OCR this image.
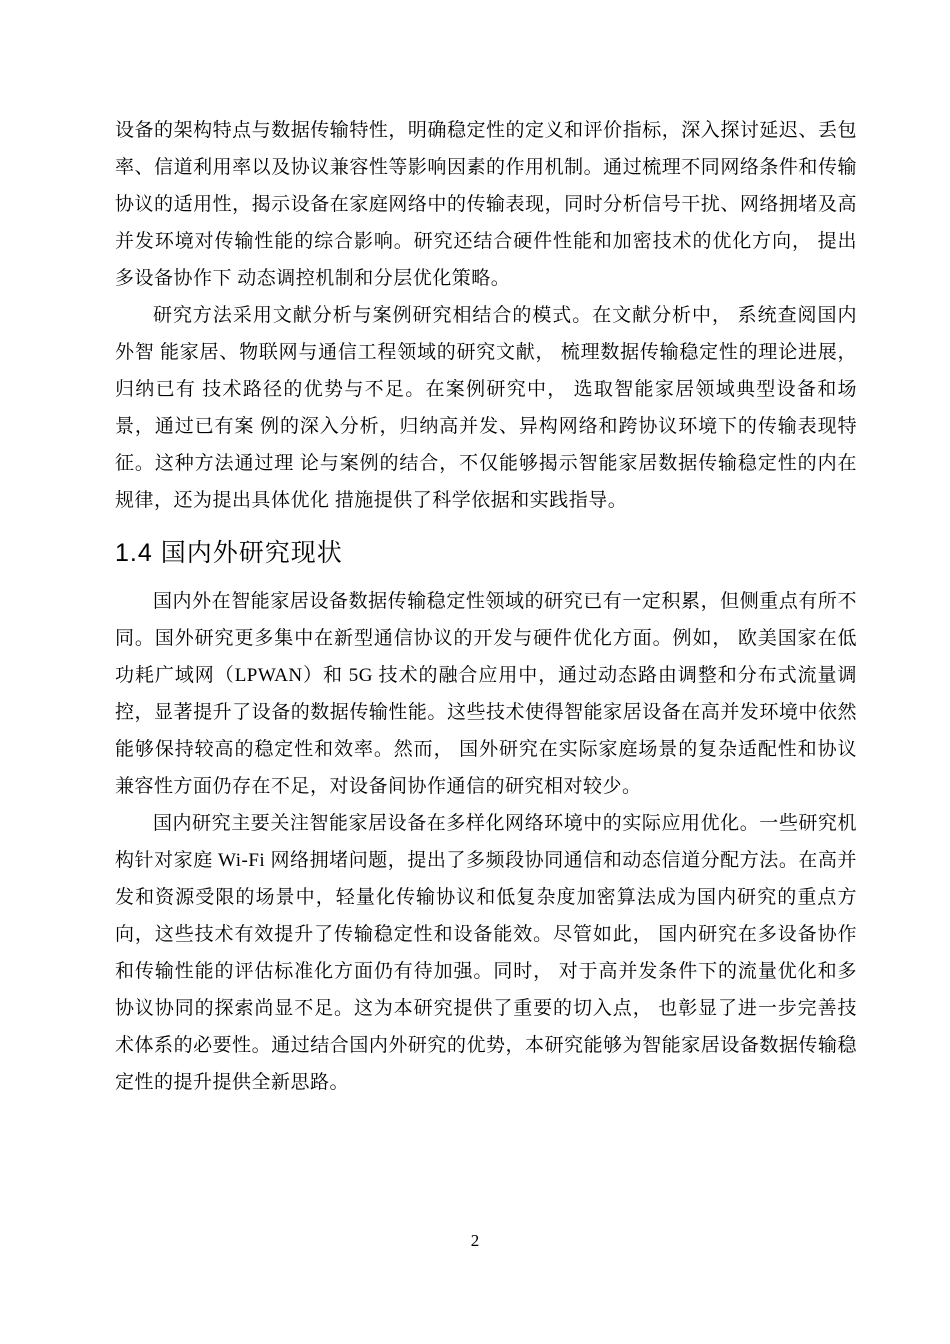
设备的架构特点与数据传输特性，明确稳定性的定义和评价指标，深入探讨延迟、丢包率、信道利用率以及协议兼容性等影响因素的作用机制。通过梳理不同网络条件和传输协议的适用性，揭示设备在家庭网络中的传输表现，同时分析信号干扰、网络拥堵及高并发环境对传输性能的综合影响。研究还结合硬件性能和加密技术的优化方向， 提出多设备协作下 动态调控机制和分层优化策略。

研究方法采用文献分析与案例研究相结合的模式。在文献分析中， 系统查阅国内外智 能家居、物联网与通信工程领域的研究文献， 梳理数据传输稳定性的理论进展，归纳已有 技术路径的优势与不足。在案例研究中， 选取智能家居领域典型设备和场景，通过已有案 例的深入分析，归纳高并发、异构网络和跨协议环境下的传输表现特征。这种方法通过理 论与案例的结合，不仅能够揭示智能家居数据传输稳定性的内在规律，还为提出具体优化 措施提供了科学依据和实践指导。

1.4 国内外研究现状

国内外在智能家居设备数据传输稳定性领域的研究已有一定积累，但侧重点有所不同。国外研究更多集中在新型通信协议的开发与硬件优化方面。例如， 欧美国家在低功耗广域网（LPWAN）和 5G 技术的融合应用中，通过动态路由调整和分布式流量调控，显著提升了设备的数据传输性能。这些技术使得智能家居设备在高并发环境中依然能够保持较高的稳定性和效率。然而， 国外研究在实际家庭场景的复杂适配性和协议兼容性方面仍存在不足，对设备间协作通信的研究相对较少。

国内研究主要关注智能家居设备在多样化网络环境中的实际应用优化。一些研究机构针对家庭 Wi-Fi 网络拥堵问题，提出了多频段协同通信和动态信道分配方法。在高并发和资源受限的场景中，轻量化传输协议和低复杂度加密算法成为国内研究的重点方向，这些技术有效提升了传输稳定性和设备能效。尽管如此， 国内研究在多设备协作和传输性能的评估标准化方面仍有待加强。同时， 对于高并发条件下的流量优化和多协议协同的探索尚显不足。这为本研究提供了重要的切入点， 也彰显了进一步完善技术体系的必要性。通过结合国内外研究的优势，本研究能够为智能家居设备数据传输稳定性的提升提供全新思路。

2
